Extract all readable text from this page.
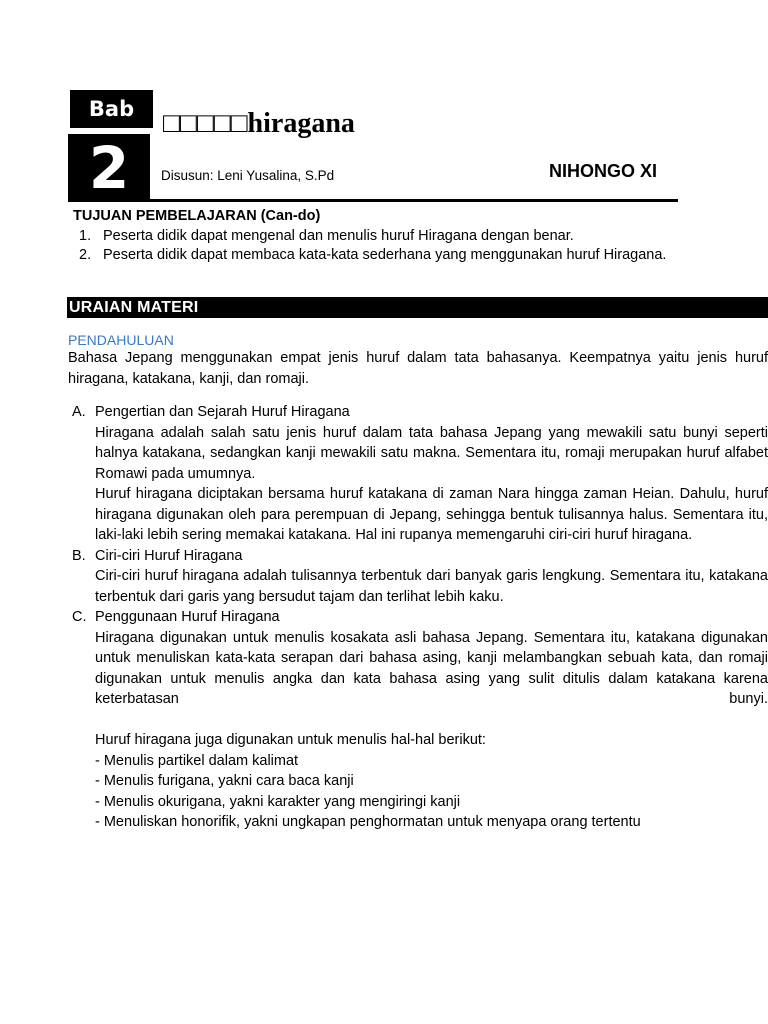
Bab
2
□□□□□hiragana
Disusun: Leni Yusalina, S.Pd	NIHONGO XI
TUJUAN PEMBELAJARAN (Can-do)
1. Peserta didik dapat mengenal dan menulis huruf Hiragana dengan benar.
2. Peserta didik dapat membaca kata-kata sederhana yang menggunakan huruf Hiragana.
URAIAN MATERI
PENDAHULUAN
Bahasa Jepang menggunakan empat jenis huruf dalam tata bahasanya. Keempatnya yaitu jenis huruf hiragana, katakana, kanji, dan romaji.
A. Pengertian dan Sejarah Huruf Hiragana
Hiragana adalah salah satu jenis huruf dalam tata bahasa Jepang yang mewakili satu bunyi seperti halnya katakana, sedangkan kanji mewakili satu makna. Sementara itu, romaji merupakan huruf alfabet Romawi pada umumnya.
Huruf hiragana diciptakan bersama huruf katakana di zaman Nara hingga zaman Heian. Dahulu, huruf hiragana digunakan oleh para perempuan di Jepang, sehingga bentuk tulisannya halus. Sementara itu, laki-laki lebih sering memakai katakana. Hal ini rupanya memengaruhi ciri-ciri huruf hiragana.
B. Ciri-ciri Huruf Hiragana
Ciri-ciri huruf hiragana adalah tulisannya terbentuk dari banyak garis lengkung. Sementara itu, katakana terbentuk dari garis yang bersudut tajam dan terlihat lebih kaku.
C. Penggunaan Huruf Hiragana
Hiragana digunakan untuk menulis kosakata asli bahasa Jepang. Sementara itu, katakana digunakan untuk menuliskan kata-kata serapan dari bahasa asing, kanji melambangkan sebuah kata, dan romaji digunakan untuk menulis angka dan kata bahasa asing yang sulit ditulis dalam katakana karena keterbatasan bunyi.
Huruf hiragana juga digunakan untuk menulis hal-hal berikut:
- Menulis partikel dalam kalimat
- Menulis furigana, yakni cara baca kanji
- Menulis okurigana, yakni karakter yang mengiringi kanji
- Menuliskan honorifik, yakni ungkapan penghormatan untuk menyapa orang tertentu
